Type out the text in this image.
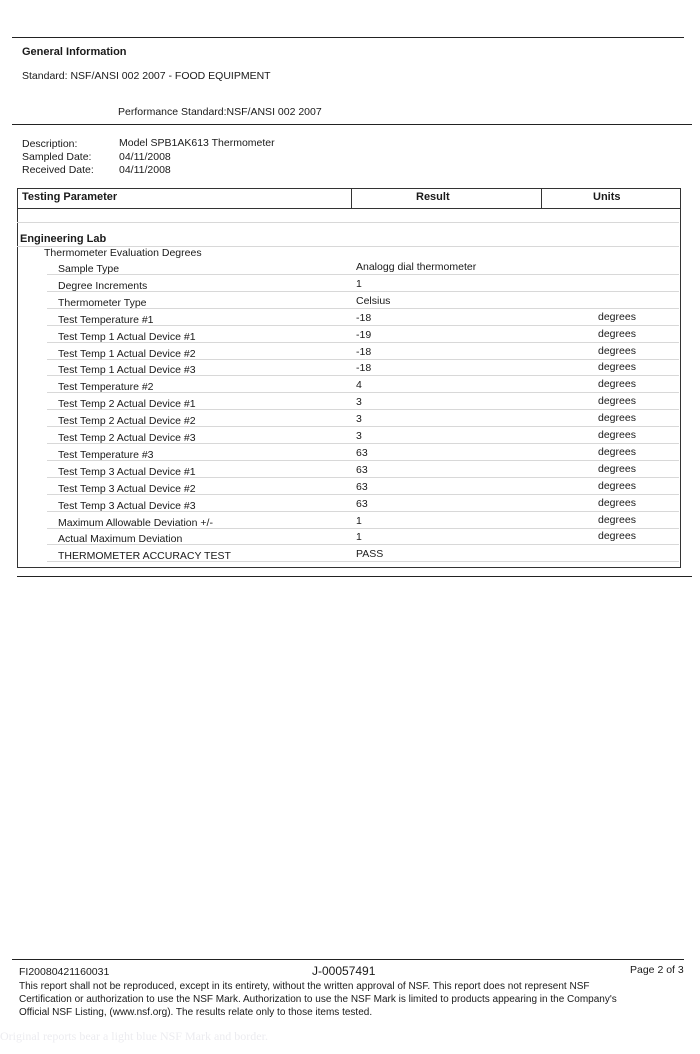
General Information
Standard: NSF/ANSI 002 2007 - FOOD EQUIPMENT
Performance Standard:NSF/ANSI 002 2007
Description:	Model SPB1AK613 Thermometer
Sampled Date:	04/11/2008
Received Date: 04/11/2008
Testing Parameter	Result	Units
Engineering Lab
Thermometer Evaluation Degrees
Sample Type	Analogg dial thermometer
Degree Increments	1
Thermometer Type	Celsius
Test Temperature #1	-18	degrees
Test Temp 1 Actual Device #1	-19	degrees
Test Temp 1 Actual Device #2	-18	degrees
Test Temp 1 Actual Device #3	-18	degrees
Test Temperature #2	4	degrees
Test Temp 2 Actual Device #1	3	degrees
Test Temp 2 Actual Device #2	3	degrees
Test Temp 2 Actual Device #3	3	degrees
Test Temperature #3	63	degrees
Test Temp 3 Actual Device #1	63	degrees
Test Temp 3 Actual Device #2	63	degrees
Test Temp 3 Actual Device #3	63	degrees
Maximum Allowable Deviation +/-	1	degrees
Actual Maximum Deviation	1	degrees
THERMOMETER ACCURACY TEST	PASS
FI20080421160031	J-00057491	Page 2 of 3
This report shall not be reproduced, except in its entirety, without the written approval of NSF. This report does not represent NSF
Certification or authorization to use the NSF Mark. Authorization to use the NSF Mark is limited to products appearing in the Company's
Official NSF Listing, (www.nsf.org). The results relate only to those items tested.
Original reports bear a light blue NSF Mark and border.
